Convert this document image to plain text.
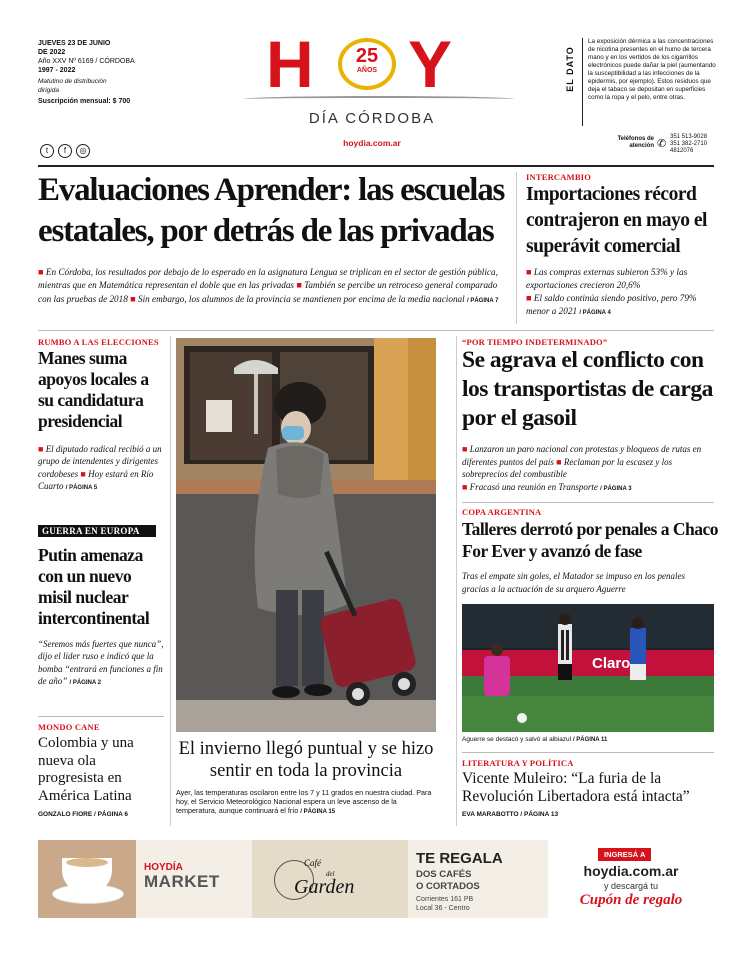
JUEVES 23 DE JUNIO DE 2022
Año XXV Nº 6169 / CÓRDOBA
1997 - 2022
Matutino de distribución dirigida
Suscripción mensual: $ 700
t f ◎
H	25
AÑOS Y
DÍA CÓRDOBA
hoydia.com.ar
EL DATO
La exposición dérmica a las concentraciones de nicotina presentes en el humo de tercera mano y en los vertidos de los cigarrillos electrónicos puede dañar la piel (aumentando la susceptibilidad a las infecciones de la epidermis, por ejemplo). Estos residuos que deja el tabaco se depositan en superficies como la ropa y el pelo, entre otras.
Teléfonos de atención ✆
351 513-9028
351 382-2710
4812076
Evaluaciones Aprender: las escuelas estatales, por detrás de las privadas
■ En Córdoba, los resultados por debajo de lo esperado en la asignatura Lengua se triplican en el sector de gestión pública, mientras que en Matemática representan el doble que en las privadas ■ También se percibe un retroceso general comparado con las pruebas de 2018 ■ Sin embargo, los alumnos de la provincia se mantienen por encima de la media nacional / PÁGINA 7
INTERCAMBIO
Importaciones récord contrajeron en mayo el superávit comercial
■ Las compras externas subieron 53% y las exportaciones crecieron 20,6%
■ El saldo continúa siendo positivo, pero 79% menor a 2021 / PÁGINA 4
RUMBO A LAS ELECCIONES
Manes suma apoyos locales a su candidatura presidencial
■ El diputado radical recibió a un grupo de intendentes y dirigentes cordobeses ■ Hoy estará en Río Cuarto / PÁGINA 5
GUERRA EN EUROPA
Putin amenaza con un nuevo misil nuclear intercontinental
“Seremos más fuertes que nunca”, dijo el líder ruso e indicó que la bomba “entrará en funciones a fin de año” / PÁGINA 2
MONDO CANE
Colombia y una nueva ola progresista en América Latina
GONZALO FIORE / PÁGINA 6
El invierno llegó puntual y se hizo sentir en toda la provincia
Ayer, las temperaturas oscilaron entre los 7 y 11 grados en nuestra ciudad. Para hoy, el Servicio Meteorológico Nacional espera un leve ascenso de la temperatura, aunque continuará el frío / PÁGINA 15
“POR TIEMPO INDETERMINADO”
Se agrava el conflicto con los transportistas de carga por el gasoil
■ Lanzaron un paro nacional con protestas y bloqueos de rutas en diferentes puntos del país ■ Reclaman por la escasez y los sobreprecios del combustible
■ Fracasó una reunión en Transporte / PÁGINA 3
COPA ARGENTINA
Talleres derrotó por penales a Chaco For Ever y avanzó de fase
Tras el empate sin goles, el Matador se impuso en los penales gracias a la actuación de su arquero Aguerre
Claro
Aguerre se destacó y salvó al albiazul / PÁGINA 11
LITERATURA Y POLÍTICA
Vicente Muleiro: “La furia de la Revolución Libertadora está intacta”
EVA MARABOTTO / PÁGINA 13
HOYDÍA
MARKET
Café
del
Garden
TE REGALA
DOS CAFÉS
O CORTADOS
Corrientes 161 PB
Local 36 - Centro
INGRESÁ A
hoydia.com.ar
y descargá tu
Cupón de regalo
